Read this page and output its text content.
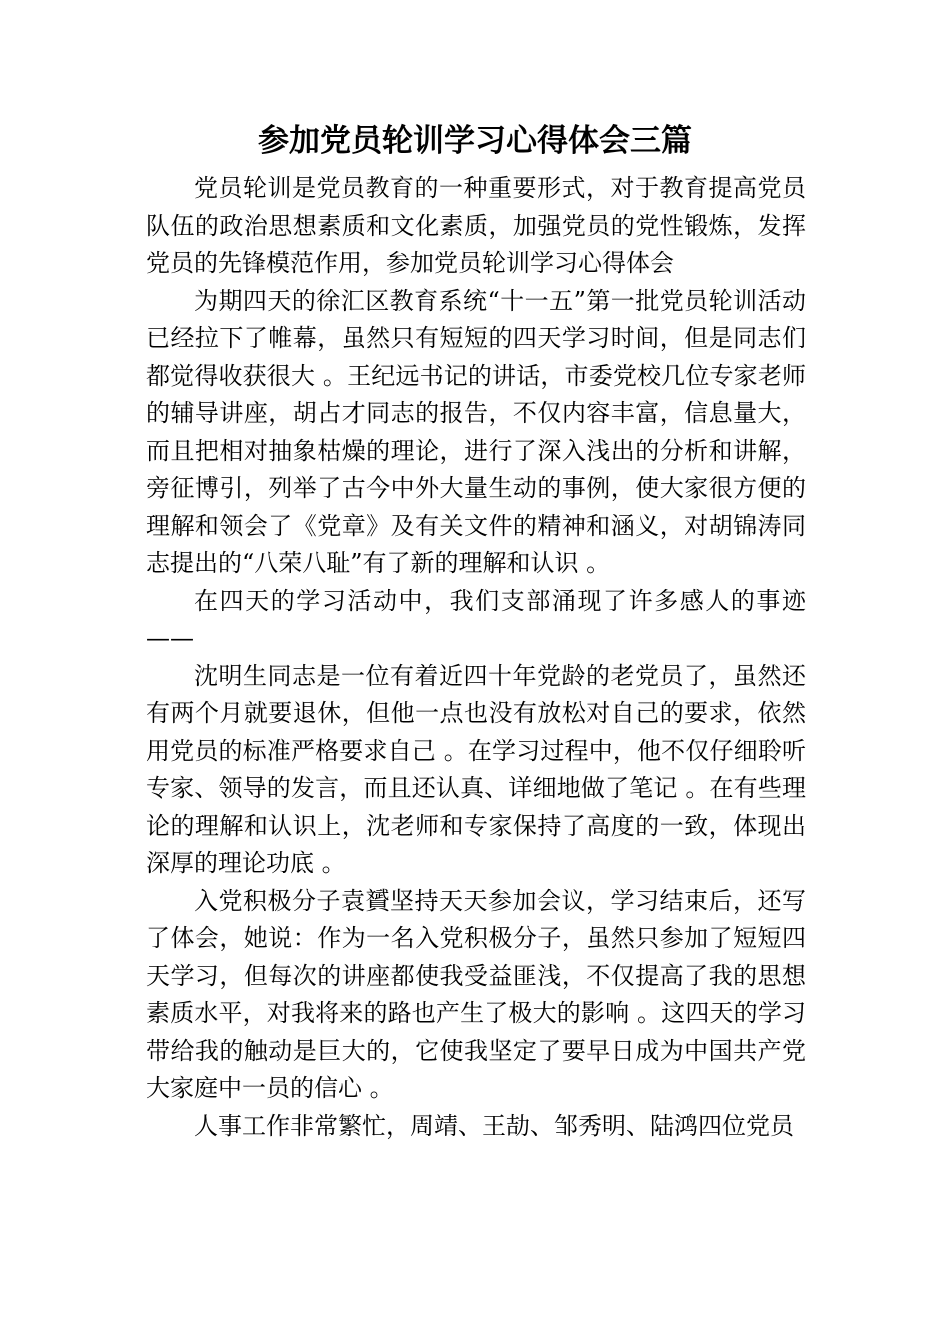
参加党员轮训学习心得体会三篇

党员轮训是党员教育的一种重要形式，对于教育提高党员队伍的政治思想素质和文化素质，加强党员的党性锻炼，发挥党员的先锋模范作用，参加党员轮训学习心得体会

为期四天的徐汇区教育系统“十一五”第一批党员轮训活动已经拉下了帷幕，虽然只有短短的四天学习时间，但是同志们都觉得收获很大 。王纪远书记的讲话，市委党校几位专家老师的辅导讲座，胡占才同志的报告，不仅内容丰富，信息量大，而且把相对抽象枯燥的理论，进行了深入浅出的分析和讲解，旁征博引，列举了古今中外大量生动的事例，使大家很方便的理解和领会了《党章》及有关文件的精神和涵义，对胡锦涛同志提出的“八荣八耻”有了新的理解和认识 。

在四天的学习活动中，我们支部涌现了许多感人的事迹——

沈明生同志是一位有着近四十年党龄的老党员了，虽然还有两个月就要退休，但他一点也没有放松对自己的要求，依然用党员的标准严格要求自己 。在学习过程中，他不仅仔细聆听专家、领导的发言，而且还认真、详细地做了笔记 。在有些理论的理解和认识上，沈老师和专家保持了高度的一致，体现出深厚的理论功底 。

入党积极分子袁贇坚持天天参加会议，学习结束后，还写了体会，她说：作为一名入党积极分子，虽然只参加了短短四天学习，但每次的讲座都使我受益匪浅，不仅提高了我的思想素质水平，对我将来的路也产生了极大的影响 。这四天的学习带给我的触动是巨大的，它使我坚定了要早日成为中国共产党大家庭中一员的信心 。

人事工作非常繁忙，周靖、王劼、邹秀明、陆鸿四位党员
